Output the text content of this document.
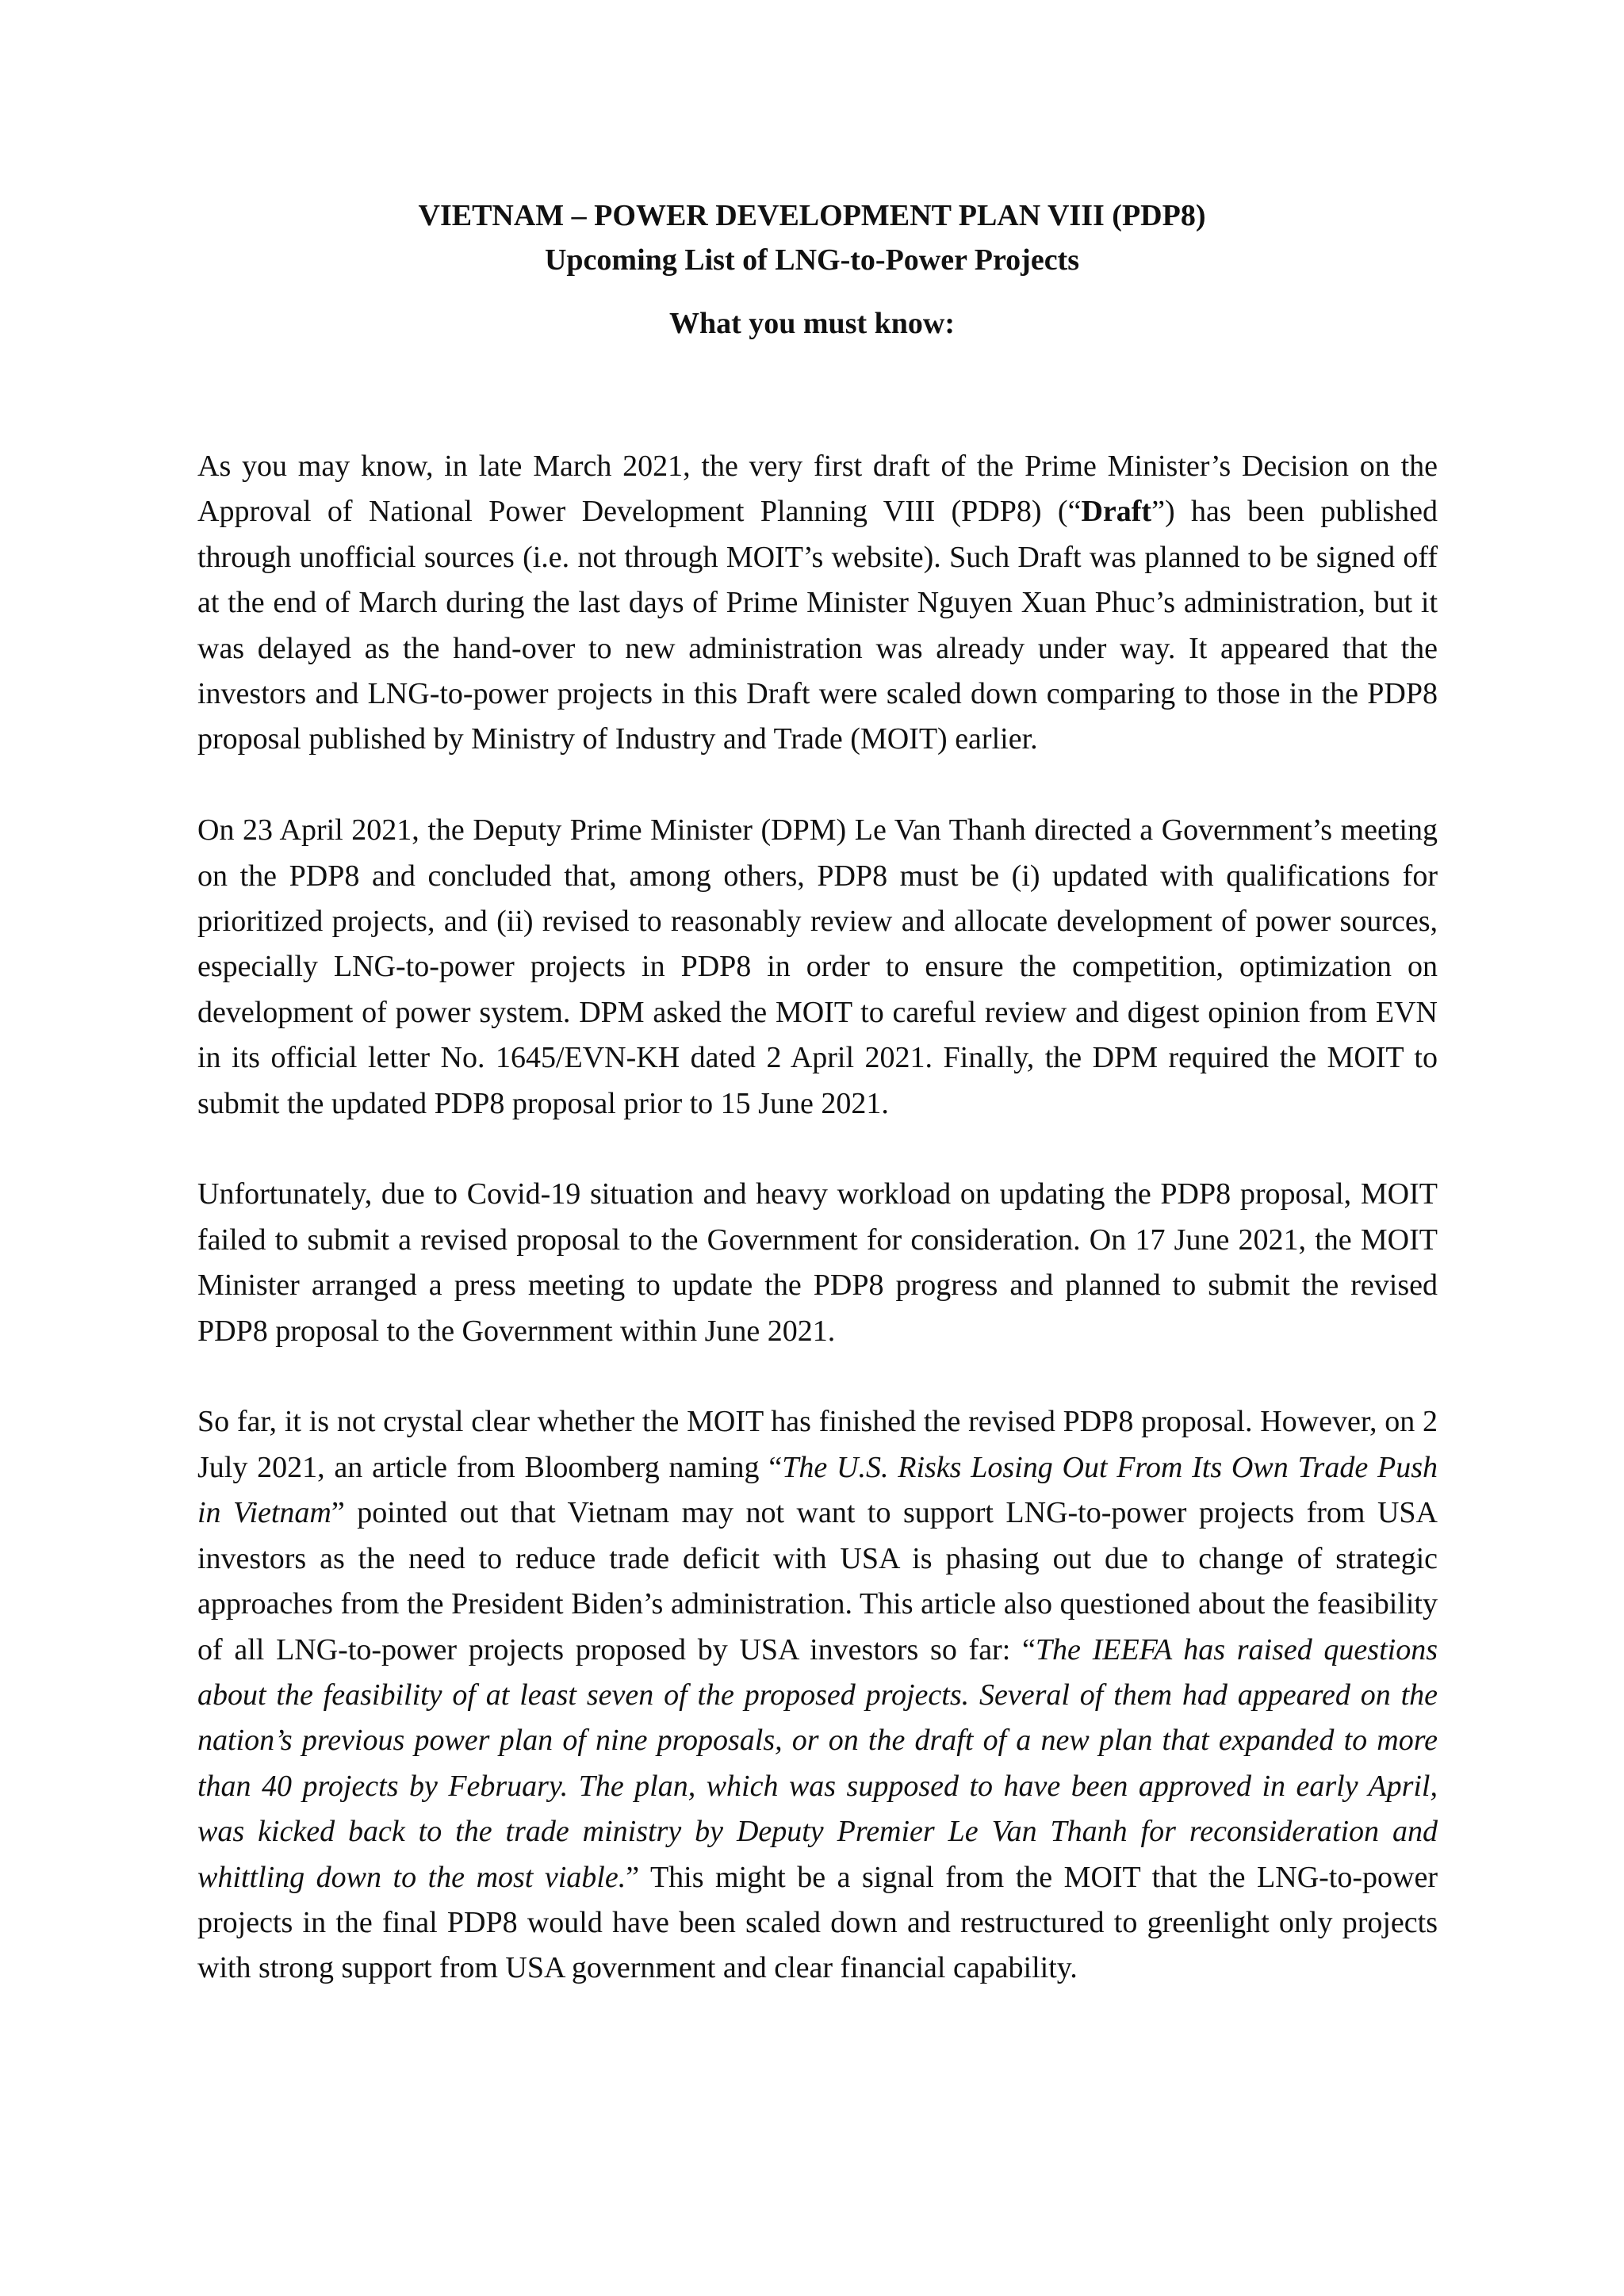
VIETNAM – POWER DEVELOPMENT PLAN VIII (PDP8)
Upcoming List of LNG-to-Power Projects
What you must know:

As you may know, in late March 2021, the very first draft of the Prime Minister’s Decision on the Approval of National Power Development Planning VIII (PDP8) (“Draft”) has been published through unofficial sources (i.e. not through MOIT’s website). Such Draft was planned to be signed off at the end of March during the last days of Prime Minister Nguyen Xuan Phuc’s administration, but it was delayed as the hand-over to new administration was already under way. It appeared that the investors and LNG-to-power projects in this Draft were scaled down comparing to those in the PDP8 proposal published by Ministry of Industry and Trade (MOIT) earlier.

On 23 April 2021, the Deputy Prime Minister (DPM) Le Van Thanh directed a Government’s meeting on the PDP8 and concluded that, among others, PDP8 must be (i) updated with qualifications for prioritized projects, and (ii) revised to reasonably review and allocate development of power sources, especially LNG-to-power projects in PDP8 in order to ensure the competition, optimization on development of power system. DPM asked the MOIT to careful review and digest opinion from EVN in its official letter No. 1645/EVN-KH dated 2 April 2021. Finally, the DPM required the MOIT to submit the updated PDP8 proposal prior to 15 June 2021.

Unfortunately, due to Covid-19 situation and heavy workload on updating the PDP8 proposal, MOIT failed to submit a revised proposal to the Government for consideration. On 17 June 2021, the MOIT Minister arranged a press meeting to update the PDP8 progress and planned to submit the revised PDP8 proposal to the Government within June 2021.

So far, it is not crystal clear whether the MOIT has finished the revised PDP8 proposal. However, on 2 July 2021, an article from Bloomberg naming “The U.S. Risks Losing Out From Its Own Trade Push in Vietnam” pointed out that Vietnam may not want to support LNG-to-power projects from USA investors as the need to reduce trade deficit with USA is phasing out due to change of strategic approaches from the President Biden’s administration. This article also questioned about the feasibility of all LNG-to-power projects proposed by USA investors so far: “The IEEFA has raised questions about the feasibility of at least seven of the proposed projects. Several of them had appeared on the nation’s previous power plan of nine proposals, or on the draft of a new plan that expanded to more than 40 projects by February. The plan, which was supposed to have been approved in early April, was kicked back to the trade ministry by Deputy Premier Le Van Thanh for reconsideration and whittling down to the most viable.” This might be a signal from the MOIT that the LNG-to-power projects in the final PDP8 would have been scaled down and restructured to greenlight only projects with strong support from USA government and clear financial capability.
